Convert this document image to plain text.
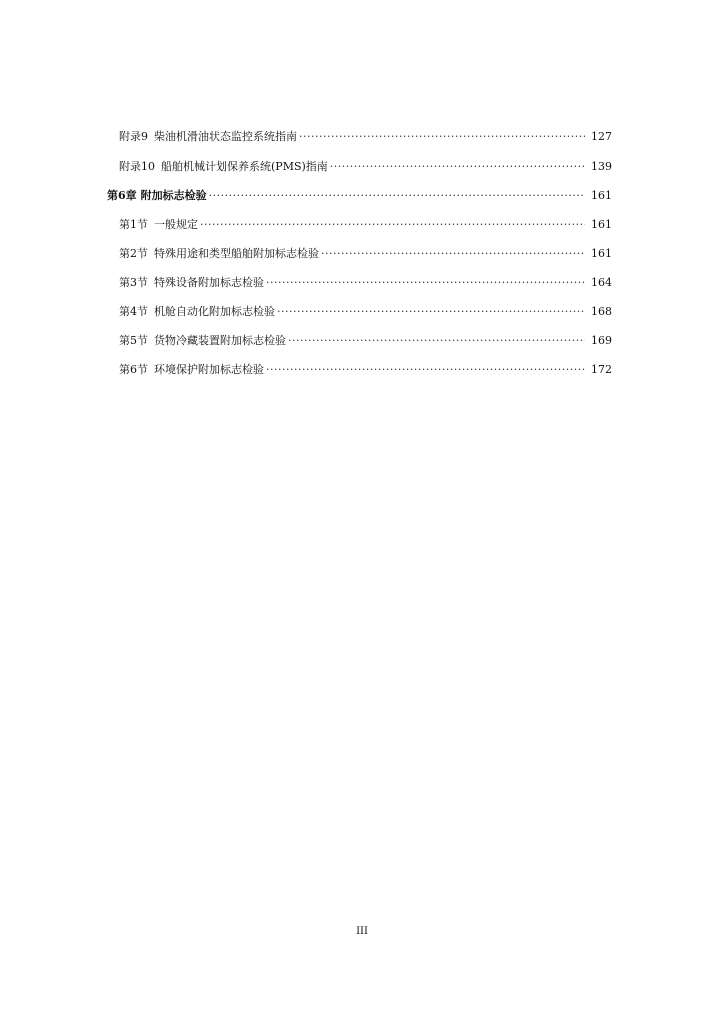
附录9 柴油机滑油状态监控系统指南 ·····	127
附录10 船舶机械计划保养系统(PMS)指南 ·····	139
第6章 附加标志检验 ·····	161
第1节 一般规定 ·····	161
第2节 特殊用途和类型船舶附加标志检验 ·····	161
第3节 特殊设备附加标志检验 ·····	164
第4节 机舱自动化附加标志检验 ·····	168
第5节 货物冷藏装置附加标志检验 ·····	169
第6节 环境保护附加标志检验 ·····	172
III
